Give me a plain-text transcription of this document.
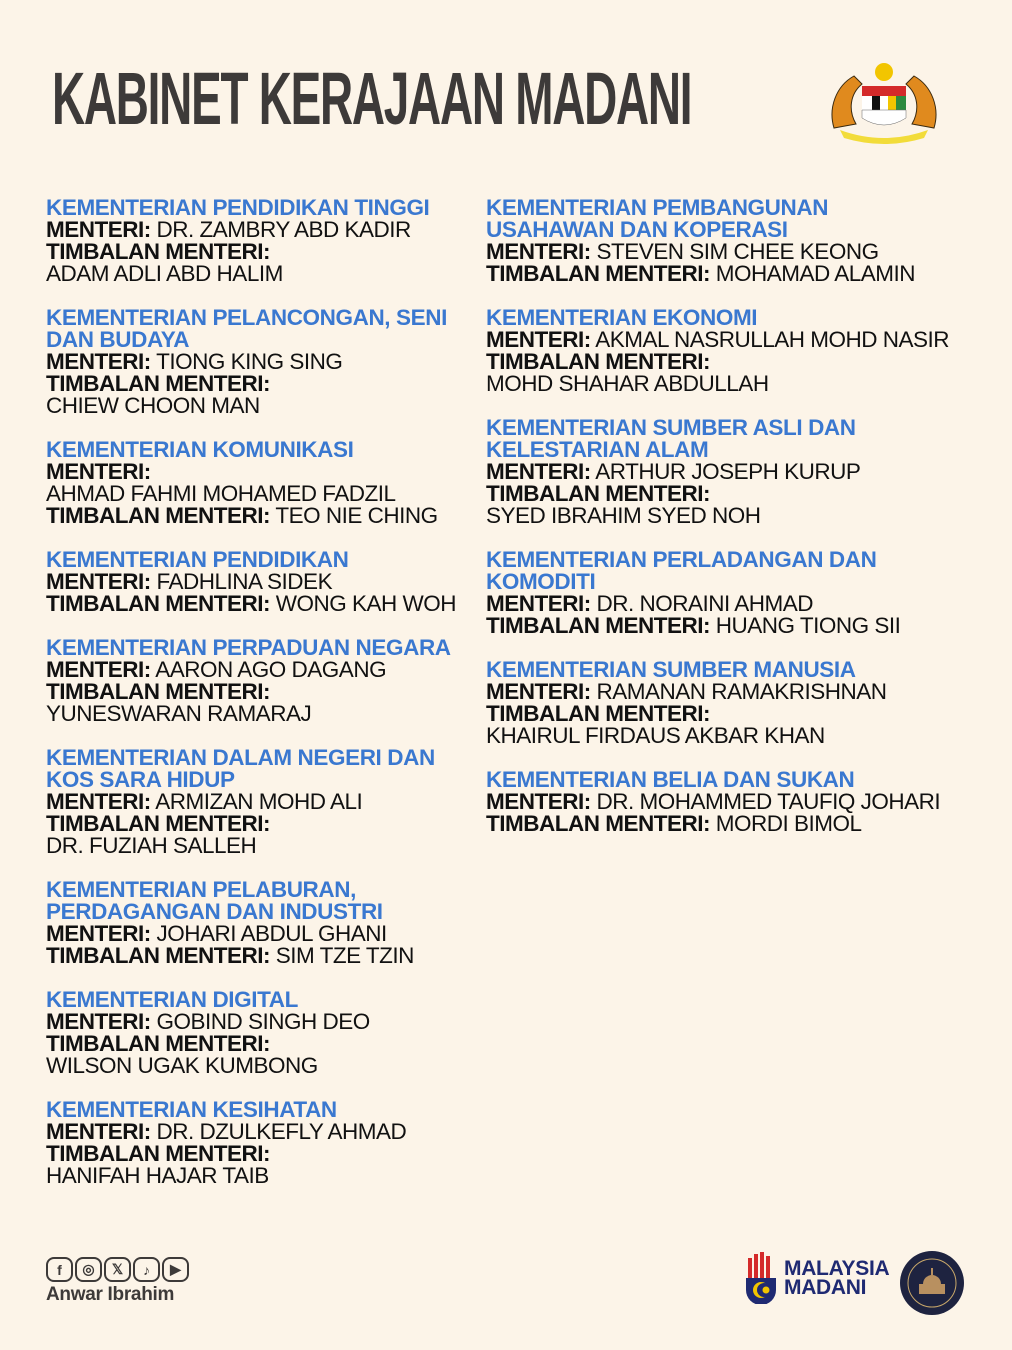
KABINET KERAJAAN MADANI
KEMENTERIAN PENDIDIKAN TINGGI
MENTERI: DR. ZAMBRY ABD KADIR
TIMBALAN MENTERI:
ADAM ADLI ABD HALIM
KEMENTERIAN PELANCONGAN, SENI
DAN BUDAYA
MENTERI: TIONG KING SING
TIMBALAN MENTERI:
CHIEW CHOON MAN
KEMENTERIAN KOMUNIKASI
MENTERI:
AHMAD FAHMI MOHAMED FADZIL
TIMBALAN MENTERI: TEO NIE CHING
KEMENTERIAN PENDIDIKAN
MENTERI: FADHLINA SIDEK
TIMBALAN MENTERI: WONG KAH WOH
KEMENTERIAN PERPADUAN NEGARA
MENTERI: AARON AGO DAGANG
TIMBALAN MENTERI:
YUNESWARAN RAMARAJ
KEMENTERIAN DALAM NEGERI DAN
KOS SARA HIDUP
MENTERI: ARMIZAN MOHD ALI
TIMBALAN MENTERI:
DR. FUZIAH SALLEH
KEMENTERIAN PELABURAN,
PERDAGANGAN DAN INDUSTRI
MENTERI: JOHARI ABDUL GHANI
TIMBALAN MENTERI: SIM TZE TZIN
KEMENTERIAN DIGITAL
MENTERI: GOBIND SINGH DEO
TIMBALAN MENTERI:
WILSON UGAK KUMBONG
KEMENTERIAN KESIHATAN
MENTERI: DR. DZULKEFLY AHMAD
TIMBALAN MENTERI:
HANIFAH HAJAR TAIB
KEMENTERIAN PEMBANGUNAN
USAHAWAN DAN KOPERASI
MENTERI: STEVEN SIM CHEE KEONG
TIMBALAN MENTERI: MOHAMAD ALAMIN
KEMENTERIAN EKONOMI
MENTERI: AKMAL NASRULLAH MOHD NASIR
TIMBALAN MENTERI:
MOHD SHAHAR ABDULLAH
KEMENTERIAN SUMBER ASLI DAN
KELESTARIAN ALAM
MENTERI: ARTHUR JOSEPH KURUP
TIMBALAN MENTERI:
SYED IBRAHIM SYED NOH
KEMENTERIAN PERLADANGAN DAN
KOMODITI
MENTERI: DR. NORAINI AHMAD
TIMBALAN MENTERI: HUANG TIONG SII
KEMENTERIAN SUMBER MANUSIA
MENTERI: RAMANAN RAMAKRISHNAN
TIMBALAN MENTERI:
KHAIRUL FIRDAUS AKBAR KHAN
KEMENTERIAN BELIA DAN SUKAN
MENTERI: DR. MOHAMMED TAUFIQ JOHARI
TIMBALAN MENTERI: MORDI BIMOL
f	◎	𝕏	♪	▶
Anwar Ibrahim
MALAYSIA
MADANI
